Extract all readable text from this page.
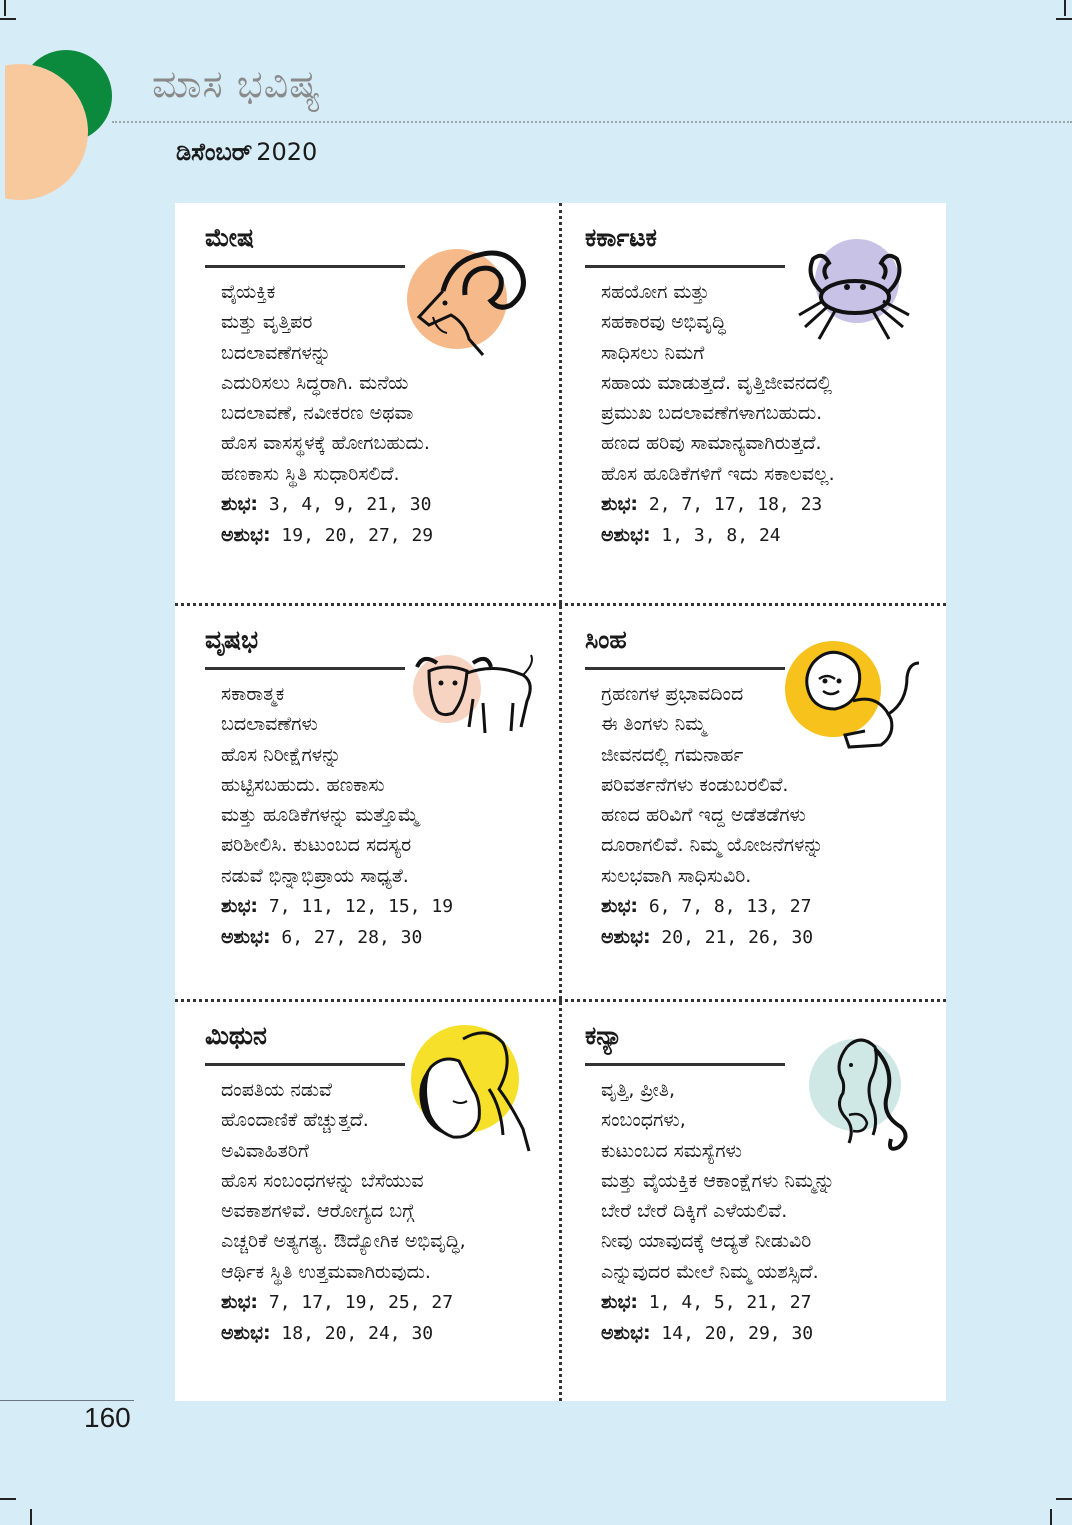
ಮಾಸ ಭವಿಷ್ಯ
ಡಿಸೆಂಬರ್ 2020
ಮೇಷ
ವೈಯಕ್ತಿಕ
ಮತ್ತು ವೃತ್ತಿಪರ
ಬದಲಾವಣೆಗಳನ್ನು
ಎದುರಿಸಲು ಸಿದ್ಧರಾಗಿ. ಮನೆಯ
ಬದಲಾವಣೆ, ನವೀಕರಣ ಅಥವಾ
ಹೊಸ ವಾಸಸ್ಥಳಕ್ಕೆ ಹೋಗಬಹುದು.
ಹಣಕಾಸು ಸ್ಥಿತಿ ಸುಧಾರಿಸಲಿದೆ.
ಶುಭ: 3, 4, 9, 21, 30
ಅಶುಭ: 19, 20, 27, 29
ಕರ್ಕಾಟಕ
ಸಹಯೋಗ ಮತ್ತು
ಸಹಕಾರವು ಅಭಿವೃದ್ಧಿ
ಸಾಧಿಸಲು ನಿಮಗೆ
ಸಹಾಯ ಮಾಡುತ್ತದೆ. ವೃತ್ತಿಜೀವನದಲ್ಲಿ
ಪ್ರಮುಖ ಬದಲಾವಣೆಗಳಾಗಬಹುದು.
ಹಣದ ಹರಿವು ಸಾಮಾನ್ಯವಾಗಿರುತ್ತದೆ.
ಹೊಸ ಹೂಡಿಕೆಗಳಿಗೆ ಇದು ಸಕಾಲವಲ್ಲ.
ಶುಭ: 2, 7, 17, 18, 23
ಅಶುಭ: 1, 3, 8, 24
ವೃಷಭ
ಸಕಾರಾತ್ಮಕ
ಬದಲಾವಣೆಗಳು
ಹೊಸ ನಿರೀಕ್ಷೆಗಳನ್ನು
ಹುಟ್ಟಿಸಬಹುದು. ಹಣಕಾಸು
ಮತ್ತು ಹೂಡಿಕೆಗಳನ್ನು ಮತ್ತೊಮ್ಮೆ
ಪರಿಶೀಲಿಸಿ. ಕುಟುಂಬದ ಸದಸ್ಯರ
ನಡುವೆ ಭಿನ್ನಾಭಿಪ್ರಾಯ ಸಾಧ್ಯತೆ.
ಶುಭ: 7, 11, 12, 15, 19
ಅಶುಭ: 6, 27, 28, 30
ಸಿಂಹ
ಗ್ರಹಣಗಳ ಪ್ರಭಾವದಿಂದ
ಈ ತಿಂಗಳು ನಿಮ್ಮ
ಜೀವನದಲ್ಲಿ ಗಮನಾರ್ಹ
ಪರಿವರ್ತನೆಗಳು ಕಂಡುಬರಲಿವೆ.
ಹಣದ ಹರಿವಿಗೆ ಇದ್ದ ಅಡೆತಡೆಗಳು
ದೂರಾಗಲಿವೆ. ನಿಮ್ಮ ಯೋಜನೆಗಳನ್ನು
ಸುಲಭವಾಗಿ ಸಾಧಿಸುವಿರಿ.
ಶುಭ: 6, 7, 8, 13, 27
ಅಶುಭ: 20, 21, 26, 30
ಮಿಥುನ
ದಂಪತಿಯ ನಡುವೆ
ಹೊಂದಾಣಿಕೆ ಹೆಚ್ಚುತ್ತದೆ.
ಅವಿವಾಹಿತರಿಗೆ
ಹೊಸ ಸಂಬಂಧಗಳನ್ನು ಬೆಸೆಯುವ
ಅವಕಾಶಗಳಿವೆ. ಆರೋಗ್ಯದ ಬಗ್ಗೆ
ಎಚ್ಚರಿಕೆ ಅತ್ಯಗತ್ಯ. ಔದ್ಯೋಗಿಕ ಅಭಿವೃದ್ಧಿ,
ಆರ್ಥಿಕ ಸ್ಥಿತಿ ಉತ್ತಮವಾಗಿರುವುದು.
ಶುಭ: 7, 17, 19, 25, 27
ಅಶುಭ: 18, 20, 24, 30
ಕನ್ಯಾ
ವೃತ್ತಿ, ಪ್ರೀತಿ,
ಸಂಬಂಧಗಳು,
ಕುಟುಂಬದ ಸಮಸ್ಯೆಗಳು
ಮತ್ತು ವೈಯಕ್ತಿಕ ಆಕಾಂಕ್ಷೆಗಳು ನಿಮ್ಮನ್ನು
ಬೇರೆ ಬೇರೆ ದಿಕ್ಕಿಗೆ ಎಳೆಯಲಿವೆ.
ನೀವು ಯಾವುದಕ್ಕೆ ಆದ್ಯತೆ ನೀಡುವಿರಿ
ಎನ್ನುವುದರ ಮೇಲೆ ನಿಮ್ಮ ಯಶಸ್ಸಿದೆ.
ಶುಭ: 1, 4, 5, 21, 27
ಅಶುಭ: 14, 20, 29, 30
160
